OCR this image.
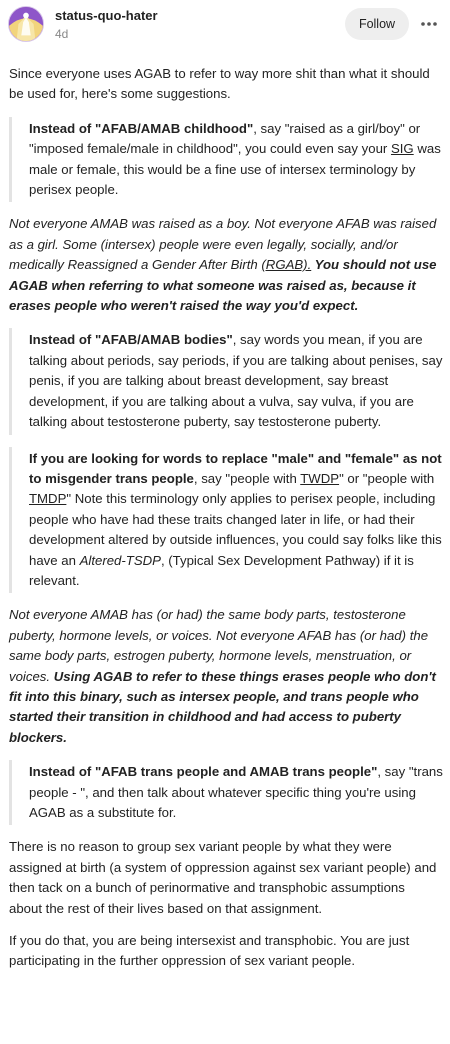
status-quo-hater
4d
Follow

Since everyone uses AGAB to refer to way more shit than what it should be used for, here's some suggestions.

Instead of "AFAB/AMAB childhood", say "raised as a girl/boy" or "imposed female/male in childhood", you could even say your SIG was male or female, this would be a fine use of intersex terminology by perisex people.

Not everyone AMAB was raised as a boy. Not everyone AFAB was raised as a girl. Some (intersex) people were even legally, socially, and/or medically Reassigned a Gender After Birth (RGAB). You should not use AGAB when referring to what someone was raised as, because it erases people who weren't raised the way you'd expect.

Instead of "AFAB/AMAB bodies", say words you mean, if you are talking about periods, say periods, if you are talking about penises, say penis, if you are talking about breast development, say breast development, if you are talking about a vulva, say vulva, if you are talking about testosterone puberty, say testosterone puberty.

If you are looking for words to replace "male" and "female" as not to misgender trans people, say "people with TWDP" or "people with TMDP" Note this terminology only applies to perisex people, including people who have had these traits changed later in life, or had their development altered by outside influences, you could say folks like this have an Altered-TSDP, (Typical Sex Development Pathway) if it is relevant.

Not everyone AMAB has (or had) the same body parts, testosterone puberty, hormone levels, or voices. Not everyone AFAB has (or had) the same body parts, estrogen puberty, hormone levels, menstruation, or voices. Using AGAB to refer to these things erases people who don't fit into this binary, such as intersex people, and trans people who started their transition in childhood and had access to puberty blockers.

Instead of "AFAB trans people and AMAB trans people", say "trans people - ", and then talk about whatever specific thing you're using AGAB as a substitute for.

There is no reason to group sex variant people by what they were assigned at birth (a system of oppression against sex variant people) and then tack on a bunch of perinormative and transphobic assumptions about the rest of their lives based on that assignment.

If you do that, you are being intersexist and transphobic. You are just participating in the further oppression of sex variant people.
